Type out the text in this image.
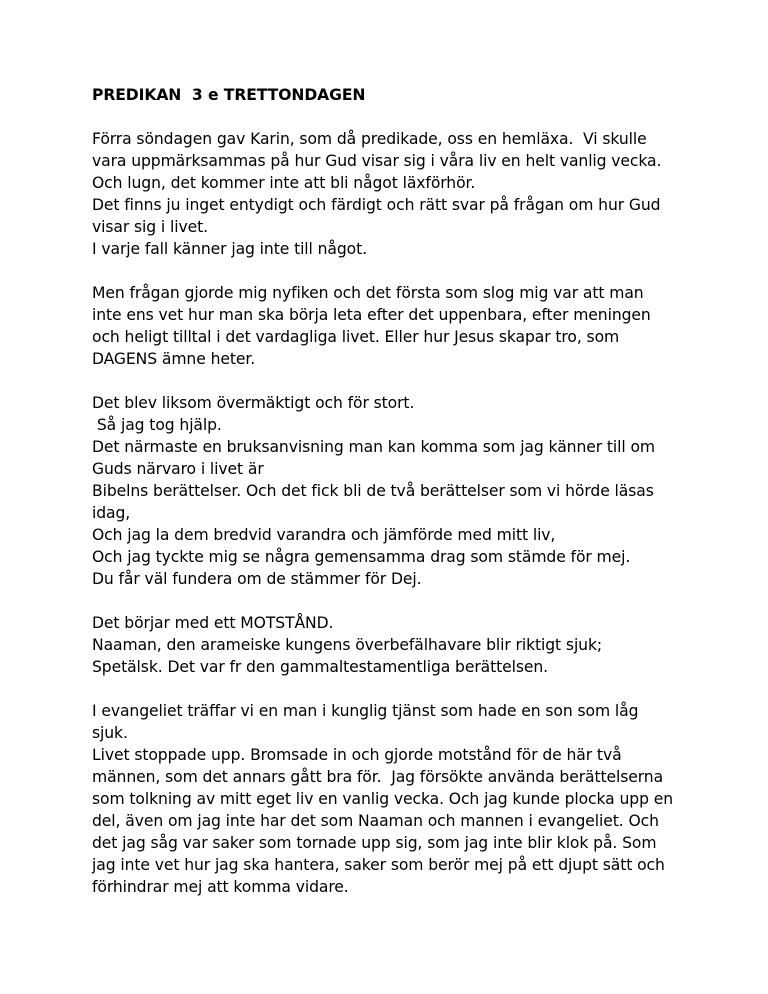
PREDIKAN  3 e TRETTONDAGEN
Förra söndagen gav Karin, som då predikade, oss en hemläxa.  Vi skulle
vara uppmärksammas på hur Gud visar sig i våra liv en helt vanlig vecka.
Och lugn, det kommer inte att bli något läxförhör.
Det finns ju inget entydigt och färdigt och rätt svar på frågan om hur Gud
visar sig i livet.
I varje fall känner jag inte till något.
Men frågan gjorde mig nyfiken och det första som slog mig var att man
inte ens vet hur man ska börja leta efter det uppenbara, efter meningen
och heligt tilltal i det vardagliga livet. Eller hur Jesus skapar tro, som
DAGENS ämne heter.
Det blev liksom övermäktigt och för stort.
Så jag tog hjälp.
Det närmaste en bruksanvisning man kan komma som jag känner till om
Guds närvaro i livet är
Bibelns berättelser. Och det fick bli de två berättelser som vi hörde läsas
idag,
Och jag la dem bredvid varandra och jämförde med mitt liv,
Och jag tyckte mig se några gemensamma drag som stämde för mej.
Du får väl fundera om de stämmer för Dej.
Det börjar med ett MOTSTÅND.
Naaman, den arameiske kungens överbefälhavare blir riktigt sjuk;
Spetälsk. Det var fr den gammaltestamentliga berättelsen.
I evangeliet träffar vi en man i kunglig tjänst som hade en son som låg
sjuk.
Livet stoppade upp. Bromsade in och gjorde motstånd för de här två
männen, som det annars gått bra för.  Jag försökte använda berättelserna
som tolkning av mitt eget liv en vanlig vecka. Och jag kunde plocka upp en
del, även om jag inte har det som Naaman och mannen i evangeliet. Och
det jag såg var saker som tornade upp sig, som jag inte blir klok på. Som
jag inte vet hur jag ska hantera, saker som berör mej på ett djupt sätt och
förhindrar mej att komma vidare.
